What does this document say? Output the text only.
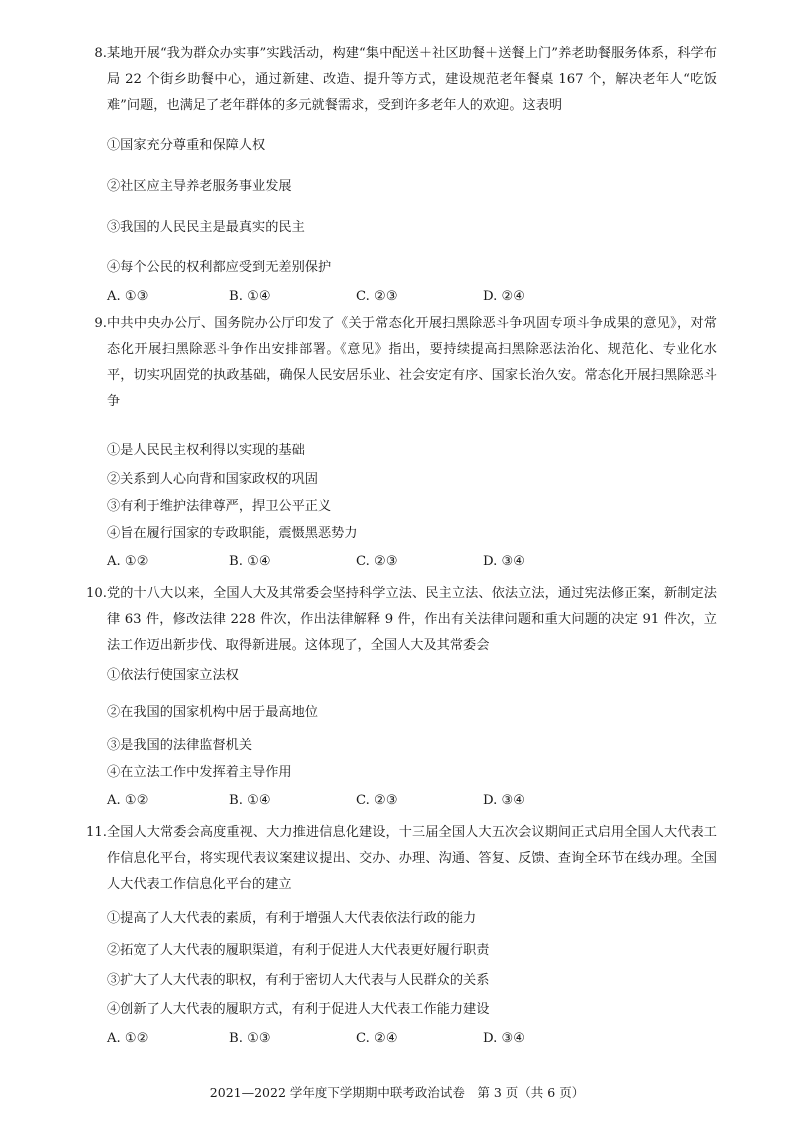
8. 某地开展“我为群众办实事”实践活动，构建“集中配送＋社区助餐＋送餐上门”养老助餐服务体系，科学布局 22 个街乡助餐中心，通过新建、改造、提升等方式，建设规范老年餐桌 167 个，解决老年人“吃饭难”问题，也满足了老年群体的多元就餐需求，受到许多老年人的欢迎。这表明
①国家充分尊重和保障人权
②社区应主导养老服务事业发展
③我国的人民民主是最真实的民主
④每个公民的权利都应受到无差别保护
A. ①③	B. ①④	C. ②③	D. ②④
9. 中共中央办公厅、国务院办公厅印发了《关于常态化开展扫黑除恶斗争巩固专项斗争成果的意见》，对常态化开展扫黑除恶斗争作出安排部署。《意见》指出，要持续提高扫黑除恶法治化、规范化、专业化水平，切实巩固党的执政基础，确保人民安居乐业、社会安定有序、国家长治久安。常态化开展扫黑除恶斗争
①是人民民主权利得以实现的基础
②关系到人心向背和国家政权的巩固
③有利于维护法律尊严，捍卫公平正义
④旨在履行国家的专政职能，震慑黑恶势力
A. ①②	B. ①④	C. ②③	D. ③④
10. 党的十八大以来，全国人大及其常委会坚持科学立法、民主立法、依法立法，通过宪法修正案，新制定法律 63 件，修改法律 228 件次，作出法律解释 9 件，作出有关法律问题和重大问题的决定 91 件次，立法工作迈出新步伐、取得新进展。这体现了，全国人大及其常委会
①依法行使国家立法权
②在我国的国家机构中居于最高地位
③是我国的法律监督机关
④在立法工作中发挥着主导作用
A. ①②	B. ①④	C. ②③	D. ③④
11. 全国人大常委会高度重视、大力推进信息化建设，十三届全国人大五次会议期间正式启用全国人大代表工作信息化平台，将实现代表议案建议提出、交办、办理、沟通、答复、反馈、查询全环节在线办理。全国人大代表工作信息化平台的建立
①提高了人大代表的素质，有利于增强人大代表依法行政的能力
②拓宽了人大代表的履职渠道，有利于促进人大代表更好履行职责
③扩大了人大代表的职权，有利于密切人大代表与人民群众的关系
④创新了人大代表的履职方式，有利于促进人大代表工作能力建设
A. ①②	B. ①③	C. ②④	D. ③④
2021—2022 学年度下学期期中联考政治试卷　第 3 页（共 6 页）
